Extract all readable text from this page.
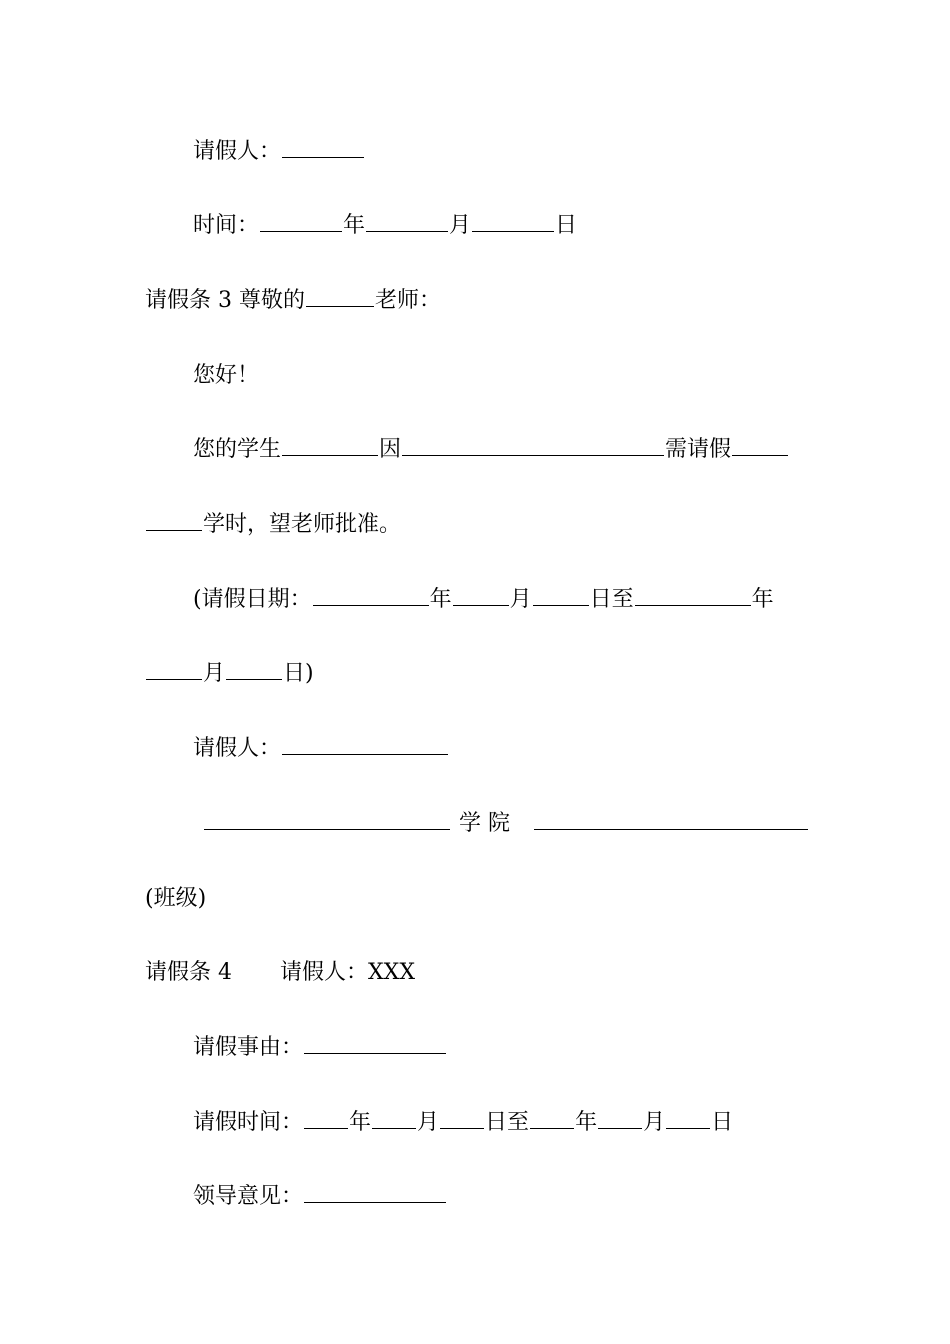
请假人：
时间：	年	月	日
请假条 3 尊敬的	老师：
您好！
您的学生	因	需请假
学时，望老师批准。
(请假日期：	年	月	日至	年
月	日)
请假人：
学 院
(班级)
请假条 4 请假人：XXX
请假事由：
请假时间： 年 月 日至 年 月 日
领导意见：
